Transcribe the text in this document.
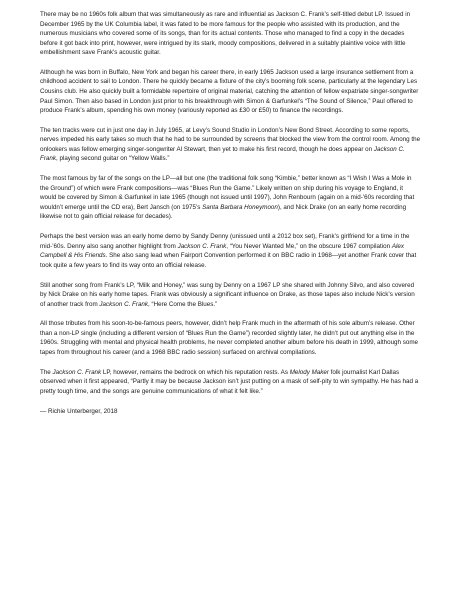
There may be no 1960s folk album that was simultaneously as rare and influential as Jackson C. Frank’s self-titled debut LP. Issued in December 1965 by the UK Columbia label, it was fated to be more famous for the people who assisted with its production, and the numerous musicians who covered some of its songs, than for its actual contents. Those who managed to find a copy in the decades before it got back into print, however, were intrigued by its stark, moody compositions, delivered in a suitably plaintive voice with little embellishment save Frank’s acoustic guitar.

Although he was born in Buffalo, New York and began his career there, in early 1965 Jackson used a large insurance settlement from a childhood accident to sail to London. There he quickly became a fixture of the city’s booming folk scene, particularly at the legendary Les Cousins club. He also quickly built a formidable repertoire of original material, catching the attention of fellow expatriate singer-songwriter Paul Simon. Then also based in London just prior to his breakthrough with Simon & Garfunkel’s “The Sound of Silence,” Paul offered to produce Frank’s album, spending his own money (variously reported as £30 or £50) to finance the recordings.

The ten tracks were cut in just one day in July 1965, at Levy’s Sound Studio in London’s New Bond Street. According to some reports, nerves impeded his early takes so much that he had to be surrounded by screens that blocked the view from the control room. Among the onlookers was fellow emerging singer-songwriter Al Stewart, then yet to make his first record, though he does appear on Jackson C. Frank, playing second guitar on “Yellow Walls.”

The most famous by far of the songs on the LP—all but one (the traditional folk song “Kimbie,” better known as “I Wish I Was a Mole in the Ground”) of which were Frank compositions—was “Blues Run the Game.” Likely written on ship during his voyage to England, it would be covered by Simon & Garfunkel in late 1965 (though not issued until 1997), John Renbourn (again on a mid-’60s recording that wouldn’t emerge until the CD era), Bert Jansch (on 1975’s Santa Barbara Honeymoon), and Nick Drake (on an early home recording likewise not to gain official release for decades).

Perhaps the best version was an early home demo by Sandy Denny (unissued until a 2012 box set), Frank’s girlfriend for a time in the mid-’60s. Denny also sang another highlight from Jackson C. Frank, “You Never Wanted Me,” on the obscure 1967 compilation Alex Campbell & His Friends. She also sang lead when Fairport Convention performed it on BBC radio in 1968—yet another Frank cover that took quite a few years to find its way onto an official release.

Still another song from Frank’s LP, “Milk and Honey,” was sung by Denny on a 1967 LP she shared with Johnny Silvo, and also covered by Nick Drake on his early home tapes. Frank was obviously a significant influence on Drake, as those tapes also include Nick’s version of another track from Jackson C. Frank, “Here Come the Blues.”

All those tributes from his soon-to-be-famous peers, however, didn’t help Frank much in the aftermath of his sole album’s release. Other than a non-LP single (including a different version of “Blues Run the Game”) recorded slightly later, he didn’t put out anything else in the 1960s. Struggling with mental and physical health problems, he never completed another album before his death in 1999, although some tapes from throughout his career (and a 1968 BBC radio session) surfaced on archival compilations.

The Jackson C. Frank LP, however, remains the bedrock on which his reputation rests. As Melody Maker folk journalist Karl Dallas observed when it first appeared, “Partly it may be because Jackson isn’t just putting on a mask of self-pity to win sympathy. He has had a pretty tough time, and the songs are genuine communications of what it felt like.”

— Richie Unterberger, 2018
